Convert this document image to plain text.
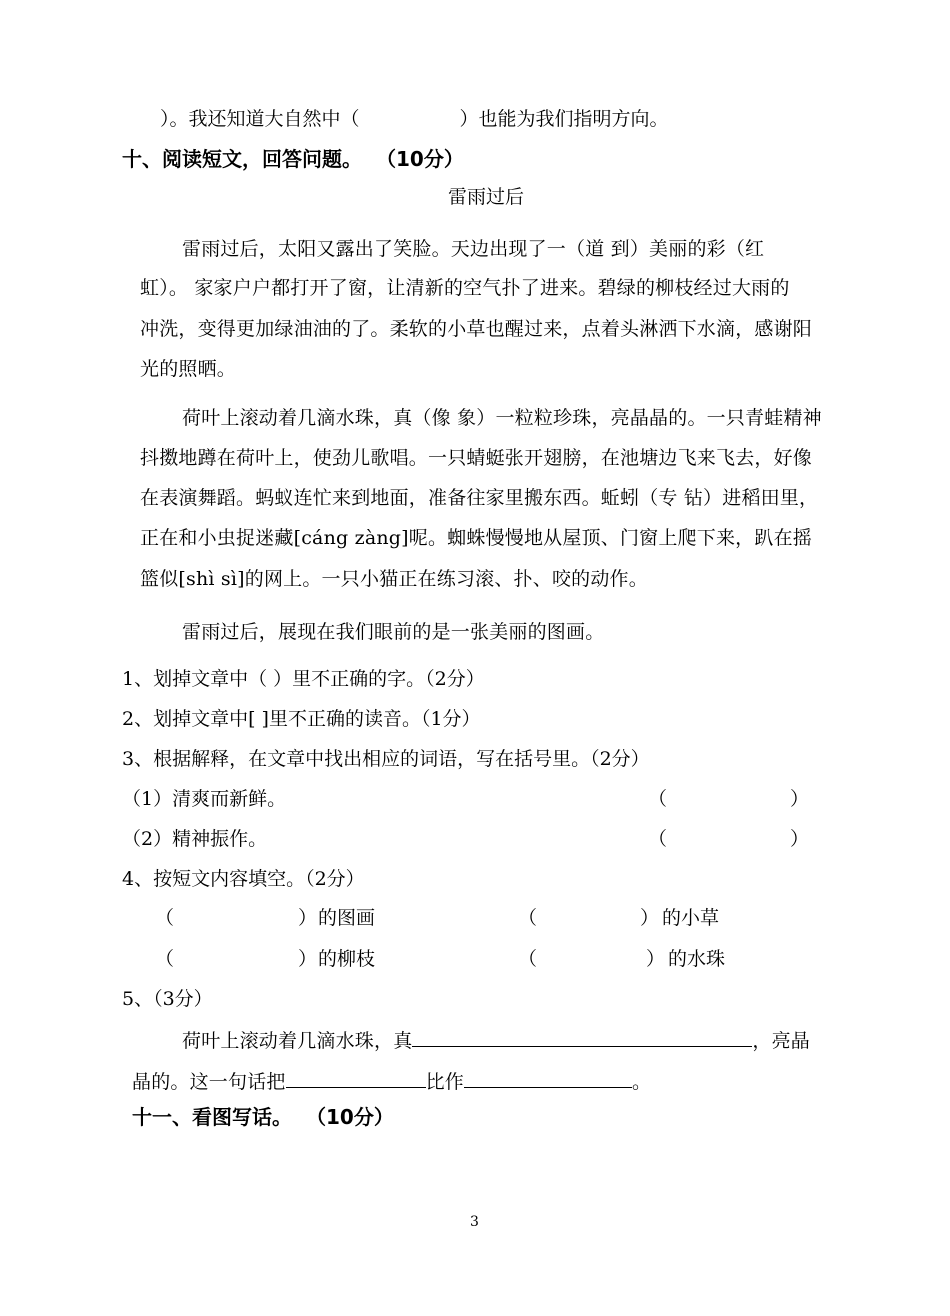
）。我还知道大自然中（	）也能为我们指明方向。
十、阅读短文，回答问题。 （10分）
雷雨过后
雷雨过后，太阳又露出了笑脸。天边出现了一（道 到）美丽的彩（红
虹）。 家家户户都打开了窗，让清新的空气扑了进来。碧绿的柳枝经过大雨的
冲洗，变得更加绿油油的了。柔软的小草也醒过来，点着头淋洒下水滴，感谢阳
光的照晒。
荷叶上滚动着几滴水珠，真（像 象）一粒粒珍珠，亮晶晶的。一只青蛙精神
抖擞地蹲在荷叶上，使劲儿歌唱。一只蜻蜓张开翅膀，在池塘边飞来飞去，好像
在表演舞蹈。蚂蚁连忙来到地面，准备往家里搬东西。蚯蚓（专 钻）进稻田里，
正在和小虫捉迷藏[cáng zàng]呢。蜘蛛慢慢地从屋顶、门窗上爬下来，趴在摇
篮似[shì sì]的网上。一只小猫正在练习滚、扑、咬的动作。
雷雨过后，展现在我们眼前的是一张美丽的图画。
1、划掉文章中（ ）里不正确的字。（2分）
2、划掉文章中[ ]里不正确的读音。（1分）
3、根据解释，在文章中找出相应的词语，写在括号里。（2分）
（1）清爽而新鲜。	（	）
（2）精神振作。	（	）
4、按短文内容填空。（2分）
（	） 的图画	（	） 的小草
（	） 的柳枝	（	） 的水珠
5、（3分）
荷叶上滚动着几滴水珠，真	，亮晶
晶的。这一句话把	比作	。
十一、看图写话。 （10分）
3
